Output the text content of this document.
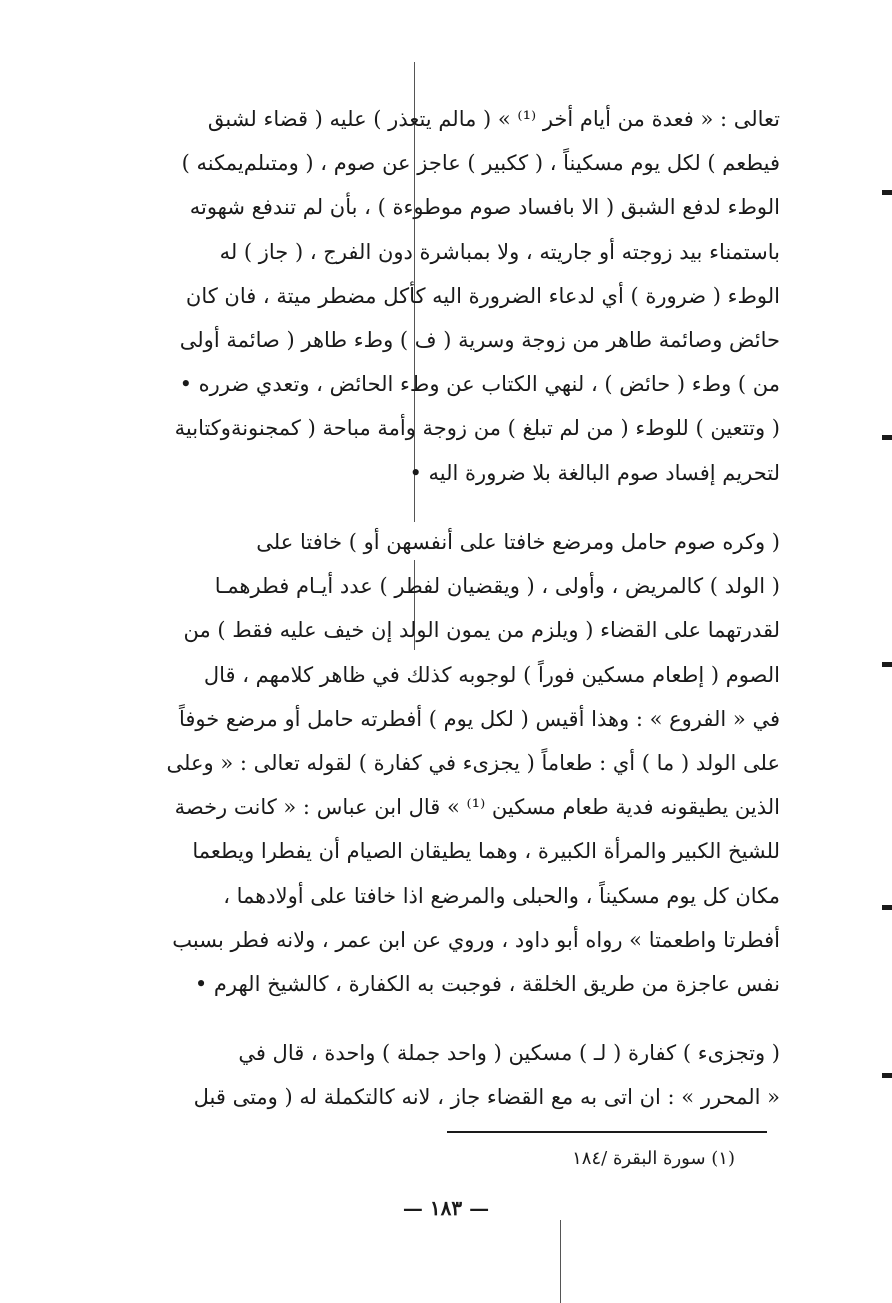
تعالى : « فعدة من أيام أخر ⁽¹⁾ » ( مالم يتعذر ) عليه ( قضاء لشبق
فيطعم ) لكل يوم مسكيناً ، ( ككبير ) عاجز عن صوم ، ( ومتىلم‌يمكنه )
الوطء لدفع الشبق ( الا بافساد صوم موطوءة ) ، بأن لم تندفع شهوته
باستمناء بيد زوجته أو جاريته ، ولا بمباشرة دون الفرج ، ( جاز ) له
الوطء ( ضرورة ) أي لدعاء الضرورة اليه كأكل مضطر ميتة ، فان كان
حائض وصائمة طاهر من زوجة وسرية ( ف ) وطء طاهر ( صائمة أولى
من ) وطء ( حائض ) ، لنهي الكتاب عن وطء الحائض ، وتعدي ضرره •
( وتتعين ) للوطء ( من لم تبلغ ) من زوجة وأمة مباحة ( كمجنونةوكتابية
لتحريم إفساد صوم البالغة بلا ضرورة اليه •
( وكره صوم حامل ومرضع خافتا على أنفسهن أو ) خافتا على
( الولد ) كالمريض ، وأولى ، ( ويقضيان لفطر ) عدد أيـام فطرهمـا
لقدرتهما على القضاء ( ويلزم من يمون الولد إن خيف عليه فقط ) من
الصوم ( إطعام مسكين فوراً ) لوجوبه كذلك في ظاهر كلامهم ، قال
في « الفروع » : وهذا أقيس ( لكل يوم ) أفطرته حامل أو مرضع خوفاً
على الولد ( ما ) أي : طعاماً ( يجزىء في كفارة ) لقوله تعالى : « وعلى
الذين يطيقونه فدية طعام مسكين ⁽¹⁾ » قال ابن عباس : « كانت رخصة
للشيخ الكبير والمرأة الكبيرة ، وهما يطيقان الصيام أن يفطرا ويطعما
مكان كل يوم مسكيناً ، والحبلى والمرضع اذا خافتا على أولادهما ،
أفطرتا واطعمتا » رواه أبو داود ، وروي عن ابن عمر ، ولانه فطر بسبب
نفس عاجزة من طريق الخلقة ، فوجبت به الكفارة ، كالشيخ الهرم •
( وتجزىء ) كفارة ( لـ ) مسكين ( واحد جملة ) واحدة ، قال في
« المحرر » : ان اتى به مع القضاء جاز ، لانه كالتكملة له ( ومتى قبل
(١) سورة البقرة /١٨٤
— ١٨٣ —
